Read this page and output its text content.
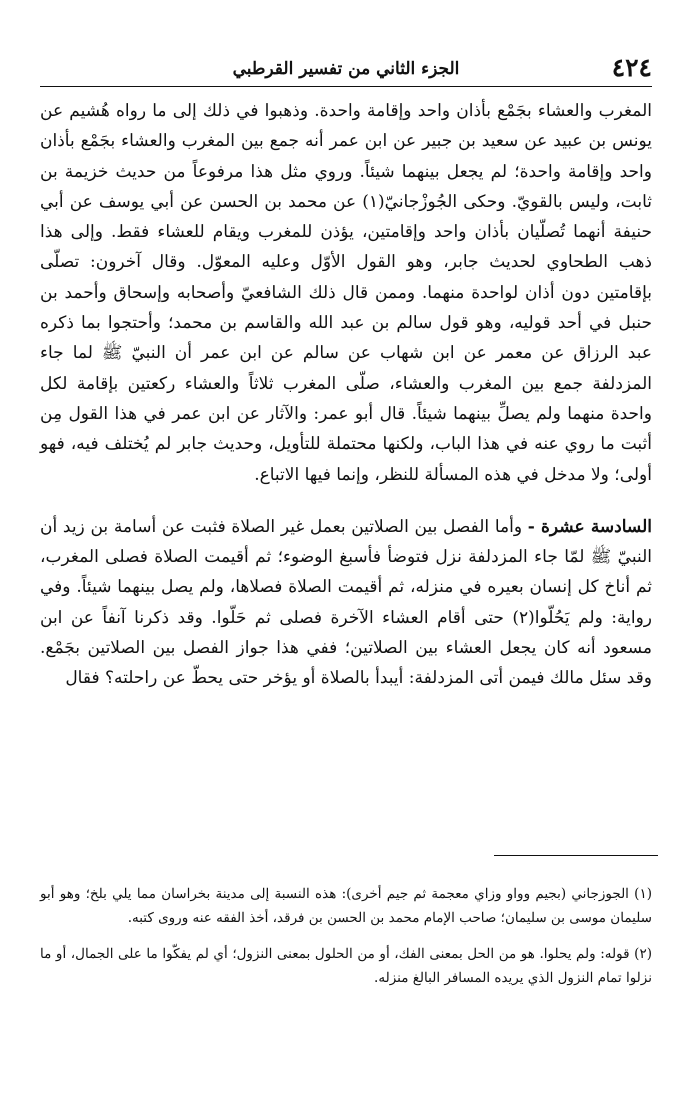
٤٢٤
الجزء الثاني من تفسير القرطبي

المغرب والعشاء بجَمْع بأذان واحد وإقامة واحدة. وذهبوا في ذلك إلى ما رواه هُشيم عن يونس بن عبيد عن سعيد بن جبير عن ابن عمر أنه جمع بين المغرب والعشاء بجَمْع بأذان واحد وإقامة واحدة؛ لم يجعل بينهما شيئاً. وروي مثل هذا مرفوعاً من حديث خزيمة بن ثابت، وليس بالقويّ. وحكى الجُوزْجانيّ(١) عن محمد بن الحسن عن أبي يوسف عن أبي حنيفة أنهما تُصلّيان بأذان واحد وإقامتين، يؤذن للمغرب ويقام للعشاء فقط. وإلى هذا ذهب الطحاوي لحديث جابر، وهو القول الأوّل وعليه المعوّل. وقال آخرون: تصلّى بإقامتين دون أذان لواحدة منهما. وممن قال ذلك الشافعيّ وأصحابه وإسحاق وأحمد بن حنبل في أحد قوليه، وهو قول سالم بن عبد الله والقاسم بن محمد؛ وأحتجوا بما ذكره عبد الرزاق عن معمر عن ابن شهاب عن سالم عن ابن عمر أن النبيّ ﷺ لما جاء المزدلفة جمع بين المغرب والعشاء، صلّى المغرب ثلاثاً والعشاء ركعتين بإقامة لكل واحدة منهما ولم يصلِّ بينهما شيئاً. قال أبو عمر: والآثار عن ابن عمر في هذا القول مِن أثبت ما روي عنه في هذا الباب، ولكنها محتملة للتأويل، وحديث جابر لم يُختلف فيه، فهو أولى؛ ولا مدخل في هذه المسألة للنظر، وإنما فيها الاتباع.

السادسة عشرة - وأما الفصل بين الصلاتين بعمل غير الصلاة فثبت عن أسامة بن زيد أن النبيّ ﷺ لمّا جاء المزدلفة نزل فتوضأ فأسبغ الوضوء؛ ثم أقيمت الصلاة فصلى المغرب، ثم أناخ كل إنسان بعيره في منزله، ثم أقيمت الصلاة فصلاها، ولم يصل بينهما شيئاً. وفي رواية: ولم يَحُلّوا(٢) حتى أقام العشاء الآخرة فصلى ثم حَلّوا. وقد ذكرنا آنفاً عن ابن مسعود أنه كان يجعل العشاء بين الصلاتين؛ ففي هذا جواز الفصل بين الصلاتين بجَمْع. وقد سئل مالك فيمن أتى المزدلفة: أيبدأ بالصلاة أو يؤخر حتى يحطّ عن راحلته؟ فقال

(١) الجوزجاني (بجيم وواو وزاي معجمة ثم جيم أخرى): هذه النسبة إلى مدينة بخراسان مما يلي بلخ؛ وهو أبو سليمان موسى بن سليمان؛ صاحب الإمام محمد بن الحسن بن فرقد، أخذ الفقه عنه وروى كتبه.

(٢) قوله: ولم يحلوا. هو من الحل بمعنى الفك، أو من الحلول بمعنى النزول؛ أي لم يفكّوا ما على الجمال، أو ما نزلوا تمام النزول الذي يريده المسافر البالغ منزله.
